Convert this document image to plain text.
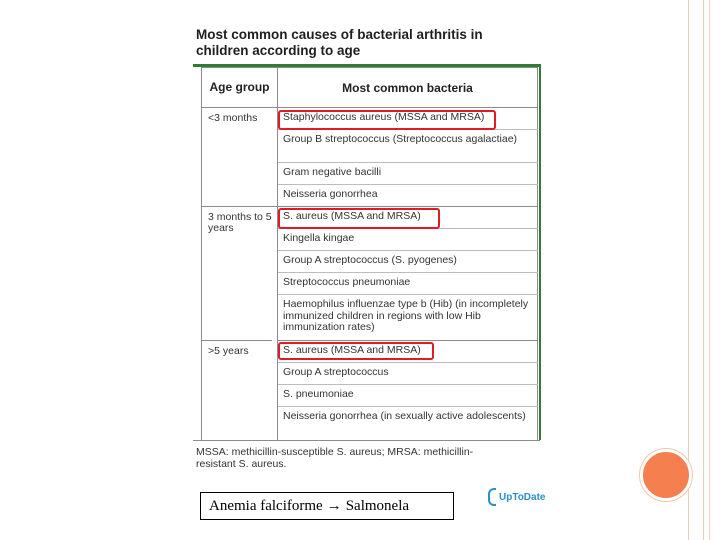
Most common causes of bacterial arthritis in children according to age
Age group	Most common bacteria
<3 months
3 months to 5 years
>5 years
Staphylococcus aureus (MSSA and MRSA)
Group B streptococcus (Streptococcus agalactiae)
Gram negative bacilli
Neisseria gonorrhea
S. aureus (MSSA and MRSA)
Kingella kingae
Group A streptococcus (S. pyogenes)
Streptococcus pneumoniae
Haemophilus influenzae type b (Hib) (in incompletely immunized children in regions with low Hib immunization rates)
S. aureus (MSSA and MRSA)
Group A streptococcus
S. pneumoniae
Neisseria gonorrhea (in sexually active adolescents)
MSSA: methicillin-susceptible S. aureus; MRSA: methicillin-resistant S. aureus.
Anemia falciforme → Salmonela
UpToDate
